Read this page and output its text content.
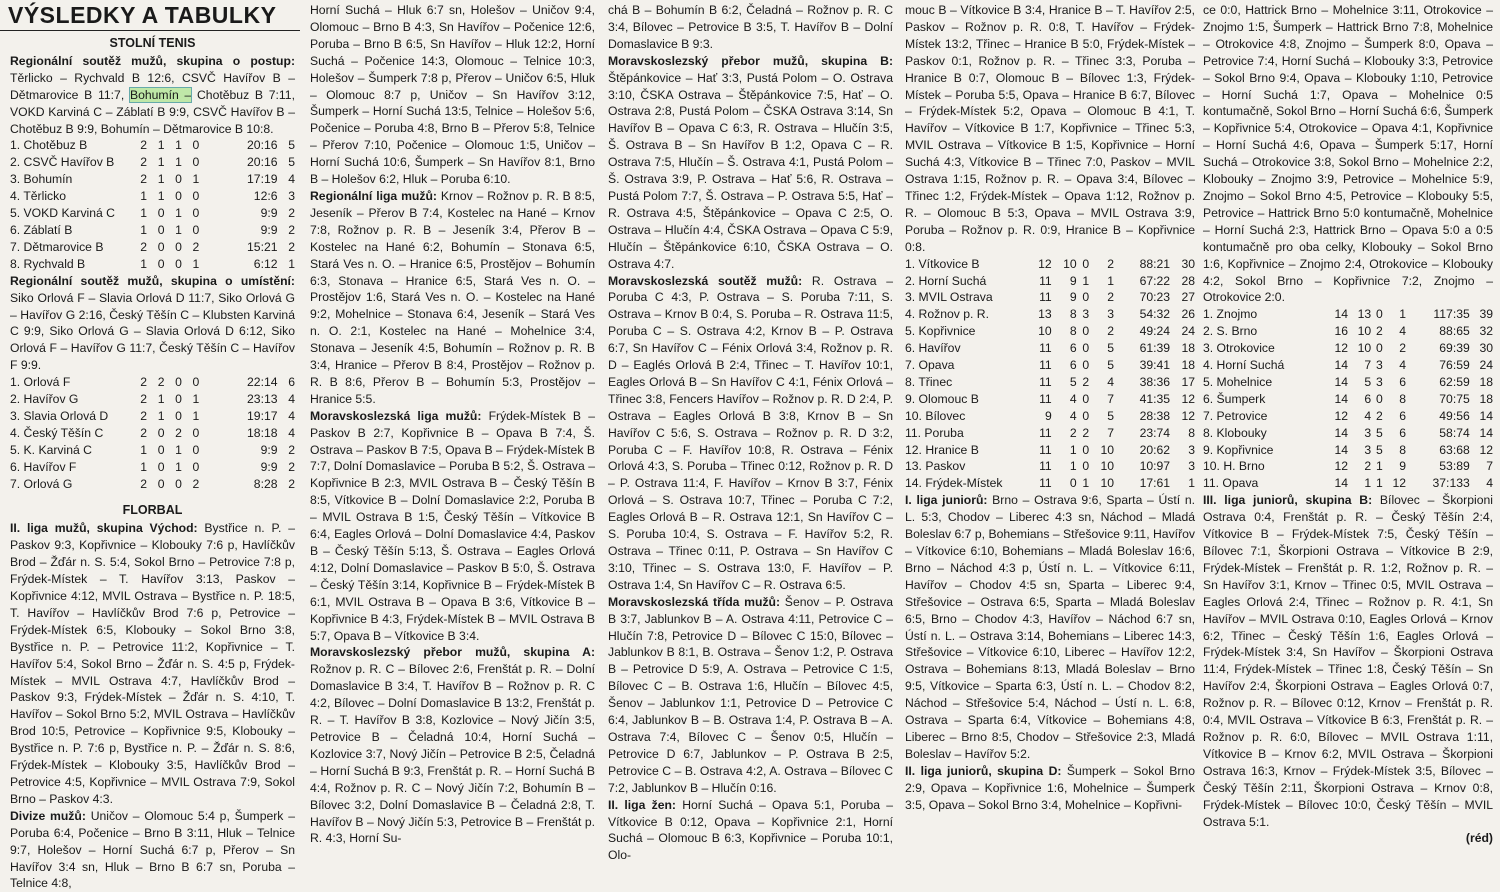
VÝSLEDKY A TABULKY
STOLNÍ TENIS

Regionální soutěž mužů, skupina o postup: Těrlicko – Rychvald B 12:6, CSVČ Havířov B – Dětmarovice B 11:7, Bohumín – Chotěbuz B 7:11, VOKD Karviná C – Záblatí B 9:9, CSVČ Havířov B – Chotěbuz B 9:9, Bohumín – Dětmarovice B 10:8.

1. Chotěbuz B	2	1	1	0	20:16	5
2. CSVČ Havířov B	2	1	1	0	20:16	5
3. Bohumín	2	1	0	1	17:19	4
4. Těrlicko	1	1	0	0	12:6	3
5. VOKD Karviná C	1	0	1	0	9:9	2
6. Záblatí B	1	0	1	0	9:9	2
7. Dětmarovice B	2	0	0	2	15:21	2
8. Rychvald B	1	0	0	1	6:12	1

Regionální soutěž mužů, skupina o umístění: Siko Orlová F – Slavia Orlová D 11:7, Siko Orlová G – Havířov G 2:16, Český Těšín C – Klubsten Karviná C 9:9, Siko Orlová G – Slavia Orlová D 6:12, Siko Orlová F – Havířov G 11:7, Český Těšín C – Havířov F 9:9.

1. Orlová F	2	2	0	0	22:14	6
2. Havířov G	2	1	0	1	23:13	4
3. Slavia Orlová D	2	1	0	1	19:17	4
4. Český Těšín C	2	0	2	0	18:18	4
5. K. Karviná C	1	0	1	0	9:9	2
6. Havířov F	1	0	1	0	9:9	2
7. Orlová G	2	0	0	2	8:28	2
FLORBAL

II. liga mužů, skupina Východ: Bystřice n. P. – Paskov 9:3, Kopřivnice – Klobouky 7:6 p, Havlíčkův Brod – Žďár n. S. 5:4, Sokol Brno – Petrovice 7:8 p, Frýdek-Místek – T. Havířov 3:13, Paskov – Kopřivnice 4:12, MVIL Ostrava – Bystřice n. P. 18:5, T. Havířov – Havlíčkův Brod 7:6 p, Petrovice – Frýdek-Místek 6:5, Klobouky – Sokol Brno 3:8, Bystřice n. P. – Petrovice 11:2, Kopřivnice – T. Havířov 5:4, Sokol Brno – Žďár n. S. 4:5 p, Frýdek-Místek – MVIL Ostrava 4:7, Havlíčkův Brod – Paskov 9:3, Frýdek-Místek – Žďár n. S. 4:10, T. Havířov – Sokol Brno 5:2, MVIL Ostrava – Havlíčkův Brod 10:5, Petrovice – Kopřivnice 9:5, Klobouky – Bystřice n. P. 7:6 p, Bystřice n. P. – Žďár n. S. 8:6, Frýdek-Místek – Klobouky 3:5, Havlíčkův Brod – Petrovice 4:5, Kopřivnice – MVIL Ostrava 7:9, Sokol Brno – Paskov 4:3.

Divize mužů: Uničov – Olomouc 5:4 p, Šumperk – Poruba 6:4, Počenice – Brno B 3:11, Hluk – Telnice 9:7, Holešov – Horní Suchá 6:7 p, Přerov – Sn Havířov 3:4 sn, Hluk – Brno B 6:7 sn, Poruba – Telnice 4:8,

Horní Suchá – Hluk 6:7 sn, Holešov – Uničov 9:4, Olomouc – Brno B 4:3, Sn Havířov – Počenice 12:6, Poruba – Brno B 6:5, Sn Havířov – Hluk 12:2, Horní Suchá – Počenice 14:3, Olomouc – Telnice 10:3, Holešov – Šumperk 7:8 p, Přerov – Uničov 6:5, Hluk – Olomouc 8:7 p, Uničov – Sn Havířov 3:12, Šumperk – Horní Suchá 13:5, Telnice – Holešov 5:6, Počenice – Poruba 4:8, Brno B – Přerov 5:8, Telnice – Přerov 7:10, Počenice – Olomouc 1:5, Uničov – Horní Suchá 10:6, Šumperk – Sn Havířov 8:1, Brno B – Holešov 6:2, Hluk – Poruba 6:10.

Regionální liga mužů: Krnov – Rožnov p. R. B 8:5, Jeseník – Přerov B 7:4, Kostelec na Hané – Krnov 7:8, Rožnov p. R. B – Jeseník 3:4, Přerov B – Kostelec na Hané 6:2, Bohumín – Stonava 6:5, Stará Ves n. O. – Hranice 6:5, Prostějov – Bohumín 6:3, Stonava – Hranice 6:5, Stará Ves n. O. – Prostějov 1:6, Stará Ves n. O. – Kostelec na Hané 9:2, Mohelnice – Stonava 6:4, Jeseník – Stará Ves n. O. 2:1, Kostelec na Hané – Mohelnice 3:4, Stonava – Jeseník 4:5, Bohumín – Rožnov p. R. B 3:4, Hranice – Přerov B 8:4, Prostějov – Rožnov p. R. B 8:6, Přerov B – Bohumín 5:3, Prostějov – Hranice 5:5.

Moravskoslezská liga mužů: Frýdek-Místek B – Paskov B 2:7, Kopřivnice B – Opava B 7:4, Š. Ostrava – Paskov B 7:5, Opava B – Frýdek-Místek B 7:7, Dolní Domaslavice – Poruba B 5:2, Š. Ostrava – Kopřivnice B 2:3, MVIL Ostrava B – Český Těšín B 8:5, Vítkovice B – Dolní Domaslavice 2:2, Poruba B – MVIL Ostrava B 1:5, Český Těšín – Vítkovice B 6:4, Eagles Orlová – Dolní Domaslavice 4:4, Paskov B – Český Těšín 5:13, Š. Ostrava – Eagles Orlová 4:12, Dolní Domaslavice – Paskov B 5:0, Š. Ostrava – Český Těšín 3:14, Kopřivnice B – Frýdek-Místek B 6:1, MVIL Ostrava B – Opava B 3:6, Vítkovice B – Kopřivnice B 4:3, Frýdek-Místek B – MVIL Ostrava B 5:7, Opava B – Vítkovice B 3:4.

Moravskoslezský přebor mužů, skupina A: Rožnov p. R. C – Bílovec 2:6, Frenštát p. R. – Dolní Domaslavice B 3:4, T. Havířov B – Rožnov p. R. C 4:2, Bílovec – Dolní Domaslavice B 13:2, Frenštát p. R. – T. Havířov B 3:8, Kozlovice – Nový Jičín 3:5, Petrovice B – Čeladná 10:4, Horní Suchá – Kozlovice 3:7, Nový Jičín – Petrovice B 2:5, Čeladná – Horní Suchá B 9:3, Frenštát p. R. – Horní Suchá B 4:4, Rožnov p. R. C – Nový Jičín 7:2, Bohumín B – Bílovec 3:2, Dolní Domaslavice B – Čeladná 2:8, T. Havířov B – Nový Jičín 5:3, Petrovice B – Frenštát p. R. 4:3, Horní Su-

chá B – Bohumín B 6:2, Čeladná – Rožnov p. R. C 3:4, Bílovec – Petrovice B 3:5, T. Havířov B – Dolní Domaslavice B 9:3.

Moravskoslezský přebor mužů, skupina B: Štěpánkovice – Hať 3:3, Pustá Polom – O. Ostrava 3:10, ČSKA Ostrava – Štěpánkovice 7:5, Hať – O. Ostrava 2:8, Pustá Polom – ČSKA Ostrava 3:14, Sn Havířov B – Opava C 6:3, R. Ostrava – Hlučín 3:5, Š. Ostrava B – Sn Havířov B 1:2, Opava C – R. Ostrava 7:5, Hlučín – Š. Ostrava 4:1, Pustá Polom – Š. Ostrava 3:9, P. Ostrava – Hať 5:6, R. Ostrava – Pustá Polom 7:7, Š. Ostrava – P. Ostrava 5:5, Hať – R. Ostrava 4:5, Štěpánkovice – Opava C 2:5, O. Ostrava – Hlučín 4:4, ČSKA Ostrava – Opava C 5:9, Hlučín – Štěpánkovice 6:10, ČSKA Ostrava – O. Ostrava 4:7.

Moravskoslezská soutěž mužů: R. Ostrava – Poruba C 4:3, P. Ostrava – S. Poruba 7:11, S. Ostrava – Krnov B 0:4, S. Poruba – R. Ostrava 11:5, Poruba C – S. Ostrava 4:2, Krnov B – P. Ostrava 6:7, Sn Havířov C – Fénix Orlová 3:4, Rožnov p. R. D – Eaglés Orlová B 2:4, Třinec – T. Havířov 10:1, Eagles Orlová B – Sn Havířov C 4:1, Fénix Orlová – Třinec 3:8, Fencers Havířov – Rožnov p. R. D 2:4, P. Ostrava – Eagles Orlová B 3:8, Krnov B – Sn Havířov C 5:6, S. Ostrava – Rožnov p. R. D 3:2, Poruba C – F. Havířov 10:8, R. Ostrava – Fénix Orlová 4:3, S. Poruba – Třinec 0:12, Rožnov p. R. D – P. Ostrava 11:4, F. Havířov – Krnov B 3:7, Fénix Orlová – S. Ostrava 10:7, Třinec – Poruba C 7:2, Eagles Orlová B – R. Ostrava 12:1, Sn Havířov C – S. Poruba 10:4, S. Ostrava – F. Havířov 5:2, R. Ostrava – Třinec 0:11, P. Ostrava – Sn Havířov C 3:10, Třinec – S. Ostrava 13:0, F. Havířov – P. Ostrava 1:4, Sn Havířov C – R. Ostrava 6:5.

Moravskoslezská třída mužů: Šenov – P. Ostrava B 3:7, Jablunkov B – A. Ostrava 4:11, Petrovice C – Hlučín 7:8, Petrovice D – Bílovec C 15:0, Bílovec – Jablunkov B 8:1, B. Ostrava – Šenov 1:2, P. Ostrava B – Petrovice D 5:9, A. Ostrava – Petrovice C 1:5, Bílovec C – B. Ostrava 1:6, Hlučín – Bílovec 4:5, Šenov – Jablunkov 1:1, Petrovice D – Petrovice C 6:4, Jablunkov B – B. Ostrava 1:4, P. Ostrava B – A. Ostrava 7:4, Bílovec C – Šenov 0:5, Hlučín – Petrovice D 6:7, Jablunkov – P. Ostrava B 2:5, Petrovice C – B. Ostrava 4:2, A. Ostrava – Bílovec C 7:2, Jablunkov B – Hlučín 0:16.

II. liga žen: Horní Suchá – Opava 5:1, Poruba – Vítkovice B 0:12, Opava – Kopřivnice 2:1, Horní Suchá – Olomouc B 6:3, Kopřivnice – Poruba 10:1, Olo-

mouc B – Vítkovice B 3:4, Hranice B – T. Havířov 2:5, Paskov – Rožnov p. R. 0:8, T. Havířov – Frýdek-Místek 13:2, Třinec – Hranice B 5:0, Frýdek-Místek – Paskov 0:1, Rožnov p. R. – Třinec 3:3, Poruba – Hranice B 0:7, Olomouc B – Bílovec 1:3, Frýdek-Místek – Poruba 5:5, Opava – Hranice B 6:7, Bílovec – Frýdek-Místek 5:2, Opava – Olomouc B 4:1, T. Havířov – Vítkovice B 1:7, Kopřivnice – Třinec 5:3, MVIL Ostrava – Vítkovice B 1:5, Kopřivnice – Horní Suchá 4:3, Vítkovice B – Třinec 7:0, Paskov – MVIL Ostrava 1:15, Rožnov p. R. – Opava 3:4, Bílovec – Třinec 1:2, Frýdek-Místek – Opava 1:12, Rožnov p. R. – Olomouc B 5:3, Opava – MVIL Ostrava 3:9, Poruba – Rožnov p. R. 0:9, Hranice B – Kopřivnice 0:8.

1. Vítkovice B	12	10	0	2	88:21	30
2. Horní Suchá	11	9	1	1	67:22	28
3. MVIL Ostrava	11	9	0	2	70:23	27
4. Rožnov p. R.	13	8	3	3	54:32	26
5. Kopřivnice	10	8	0	2	49:24	24
6. Havířov	11	6	0	5	61:39	18
7. Opava	11	6	0	5	39:41	18
8. Třinec	11	5	2	4	38:36	17
9. Olomouc B	11	4	0	7	41:35	12
10. Bílovec	9	4	0	5	28:38	12
11. Poruba	11	2	2	7	23:74	8
12. Hranice B	11	1	0	10	20:62	3
13. Paskov	11	1	0	10	10:97	3
14. Frýdek-Místek	11	0	1	10	17:61	1

I. liga juniorů: Brno – Ostrava 9:6, Sparta – Ústí n. L. 5:3, Chodov – Liberec 4:3 sn, Náchod – Mladá Boleslav 6:7 p, Bohemians – Střešovice 9:11, Havířov – Vítkovice 6:10, Bohemians – Mladá Boleslav 16:6, Brno – Náchod 4:3 p, Ústí n. L. – Vítkovice 6:11, Havířov – Chodov 4:5 sn, Sparta – Liberec 9:4, Střešovice – Ostrava 6:5, Sparta – Mladá Boleslav 6:5, Brno – Chodov 4:3, Havířov – Náchod 6:7 sn, Ústí n. L. – Ostrava 3:14, Bohemians – Liberec 14:3, Střešovice – Vítkovice 6:10, Liberec – Havířov 12:2, Ostrava – Bohemians 8:13, Mladá Boleslav – Brno 9:5, Vítkovice – Sparta 6:3, Ústí n. L. – Chodov 8:2, Náchod – Střešovice 5:4, Náchod – Ústí n. L. 6:8, Ostrava – Sparta 6:4, Vítkovice – Bohemians 4:8, Liberec – Brno 8:5, Chodov – Střešovice 2:3, Mladá Boleslav – Havířov 5:2.

II. liga juniorů, skupina D: Šumperk – Sokol Brno 2:9, Opava – Kopřivnice 1:6, Mohelnice – Šumperk 3:5, Opava – Sokol Brno 3:4, Mohelnice – Kopřivni-

ce 0:0, Hattrick Brno – Mohelnice 3:11, Otrokovice – Znojmo 1:5, Šumperk – Hattrick Brno 7:8, Mohelnice – Otrokovice 4:8, Znojmo – Šumperk 8:0, Opava – Petrovice 7:4, Horní Suchá – Klobouky 3:3, Petrovice – Sokol Brno 9:4, Opava – Klobouky 1:10, Petrovice – Horní Suchá 1:7, Opava – Mohelnice 0:5 kontumačně, Sokol Brno – Horní Suchá 6:6, Šumperk – Kopřivnice 5:4, Otrokovice – Opava 4:1, Kopřivnice – Horní Suchá 4:6, Opava – Šumperk 5:17, Horní Suchá – Otrokovice 3:8, Sokol Brno – Mohelnice 2:2, Klobouky – Znojmo 3:9, Petrovice – Mohelnice 5:9, Znojmo – Sokol Brno 4:5, Petrovice – Klobouky 5:5, Petrovice – Hattrick Brno 5:0 kontumačně, Mohelnice – Horní Suchá 2:3, Hattrick Brno – Opava 5:0 a 0:5 kontumačně pro oba celky, Klobouky – Sokol Brno 1:6, Kopřivnice – Znojmo 2:4, Otrokovice – Klobouky 4:2, Sokol Brno – Kopřivnice 7:2, Znojmo – Otrokovice 2:0.

1. Znojmo	14	13	0	1	117:35	39
2. S. Brno	16	10	2	4	88:65	32
3. Otrokovice	12	10	0	2	69:39	30
4. Horní Suchá	14	7	3	4	76:59	24
5. Mohelnice	14	5	3	6	62:59	18
6. Šumperk	14	6	0	8	70:75	18
7. Petrovice	12	4	2	6	49:56	14
8. Klobouky	14	3	5	6	58:74	14
9. Kopřivnice	14	3	5	8	63:68	12
10. H. Brno	12	2	1	9	53:89	7
11. Opava	14	1	1	12	37:133	4

III. liga juniorů, skupina B: Bílovec – Škorpioni Ostrava 0:4, Frenštát p. R. – Český Těšín 2:4, Vítkovice B – Frýdek-Místek 7:5, Český Těšín – Bílovec 7:1, Škorpioni Ostrava – Vítkovice B 2:9, Frýdek-Místek – Frenštát p. R. 1:2, Rožnov p. R. – Sn Havířov 3:1, Krnov – Třinec 0:5, MVIL Ostrava – Eagles Orlová 2:4, Třinec – Rožnov p. R. 4:1, Sn Havířov – MVIL Ostrava 0:10, Eagles Orlová – Krnov 6:2, Třinec – Český Těšín 1:6, Eagles Orlová – Frýdek-Místek 3:4, Sn Havířov – Škorpioni Ostrava 11:4, Frýdek-Místek – Třinec 1:8, Český Těšín – Sn Havířov 2:4, Škorpioni Ostrava – Eagles Orlová 0:7, Rožnov p. R. – Bílovec 0:12, Krnov – Frenštát p. R. 0:4, MVIL Ostrava – Vítkovice B 6:3, Frenštát p. R. – Rožnov p. R. 6:0, Bílovec – MVIL Ostrava 1:11, Vítkovice B – Krnov 6:2, MVIL Ostrava – Škorpioni Ostrava 16:3, Krnov – Frýdek-Místek 3:5, Bílovec – Český Těšín 2:11, Škorpioni Ostrava – Krnov 0:8, Frýdek-Místek – Bílovec 10:0, Český Těšín – MVIL Ostrava 5:1.

(réd)
